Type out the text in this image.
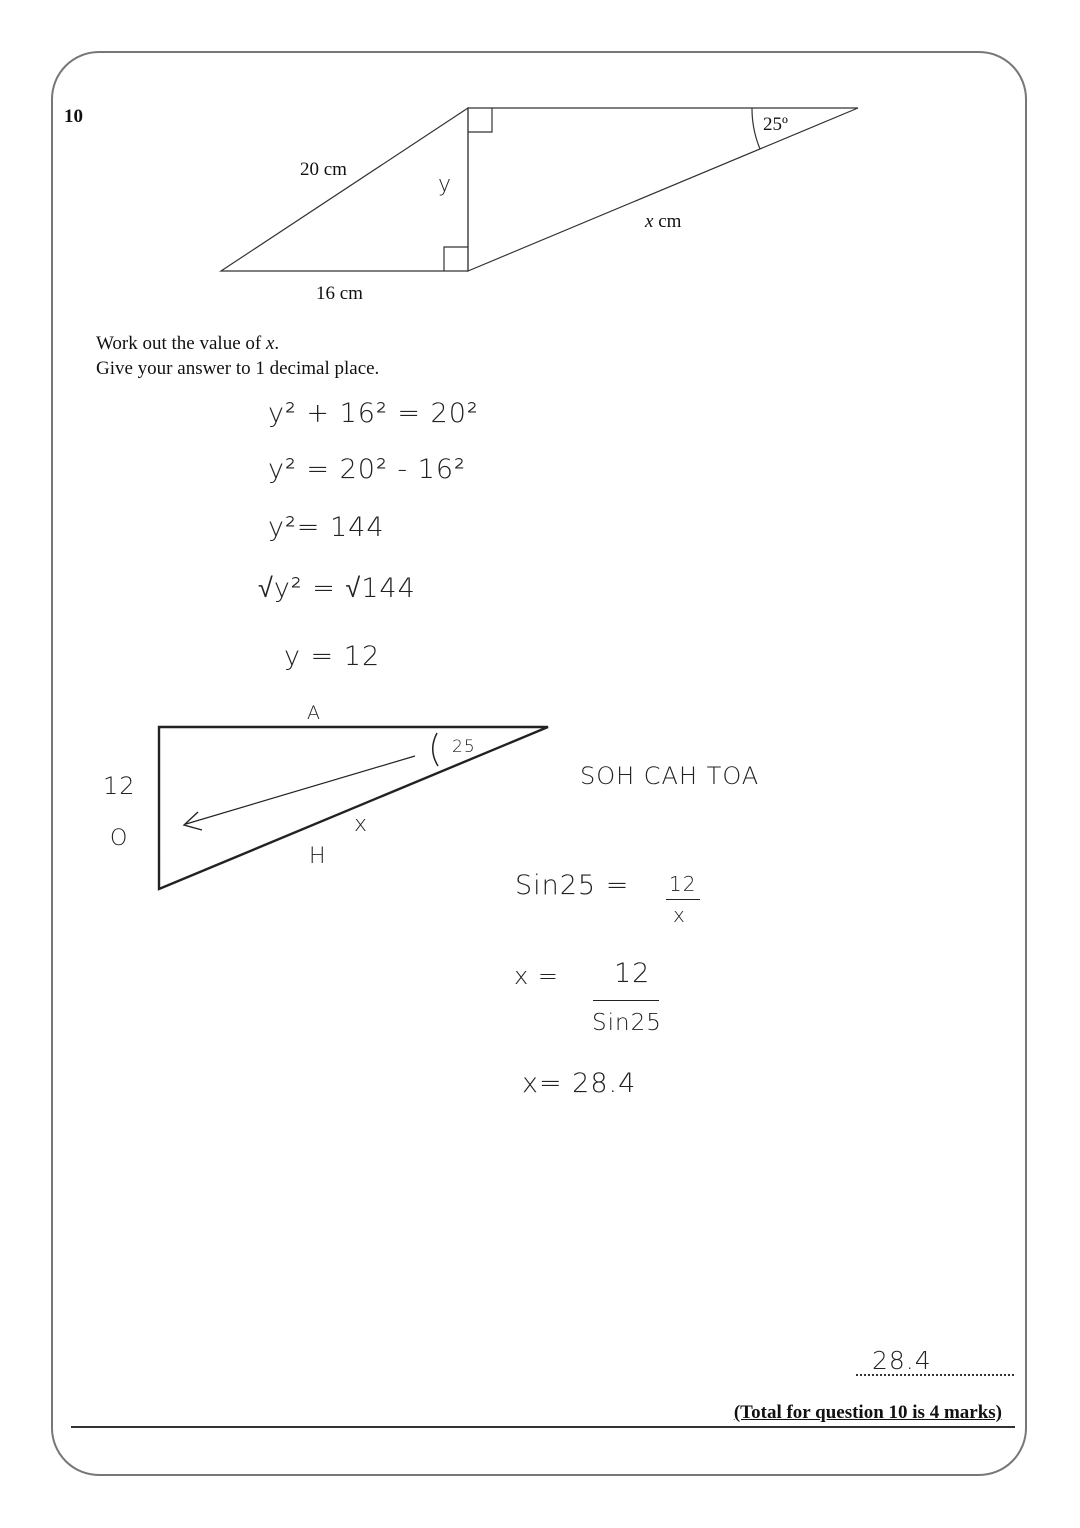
10
20 cm
16 cm
y
x cm
25º
Work out the value of x.
Give your answer to 1 decimal place.
y² + 16² = 20²
y² = 20² - 16²
y²= 144
√y² = √144
y = 12
A
25
12
O
x
H
SOH CAH TOA
Sin25 = 12
x
x = 12
Sin25
x= 28.4
28.4
(Total for question 10 is 4 marks)
